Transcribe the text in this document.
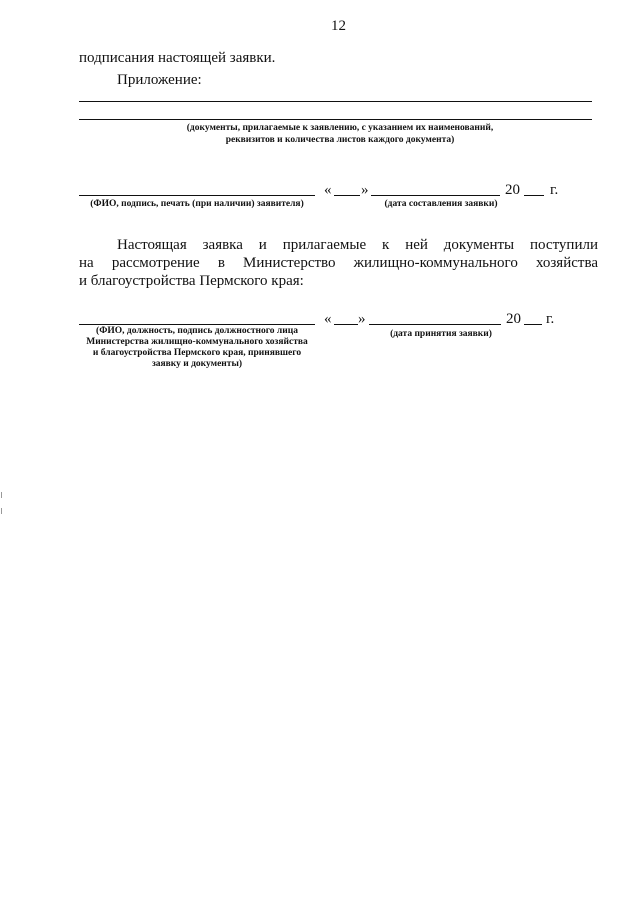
12
подписания настоящей заявки.
Приложение:
(документы, прилагаемые к заявлению, с указанием их наименований,
реквизитов и количества листов каждого документа)
« »	20 г.
(ФИО, подпись, печать (при наличии) заявителя)	(дата составления заявки)
Настоящая заявка и прилагаемые к ней документы поступили
на рассмотрение в Министерство жилищно-коммунального хозяйства
и благоустройства Пермского края:
« »	20 г.
(ФИО, должность, подпись должностного лица
Министерства жилищно-коммунального хозяйства
и благоустройства Пермского края, принявшего
заявку и документы)
(дата принятия заявки)
